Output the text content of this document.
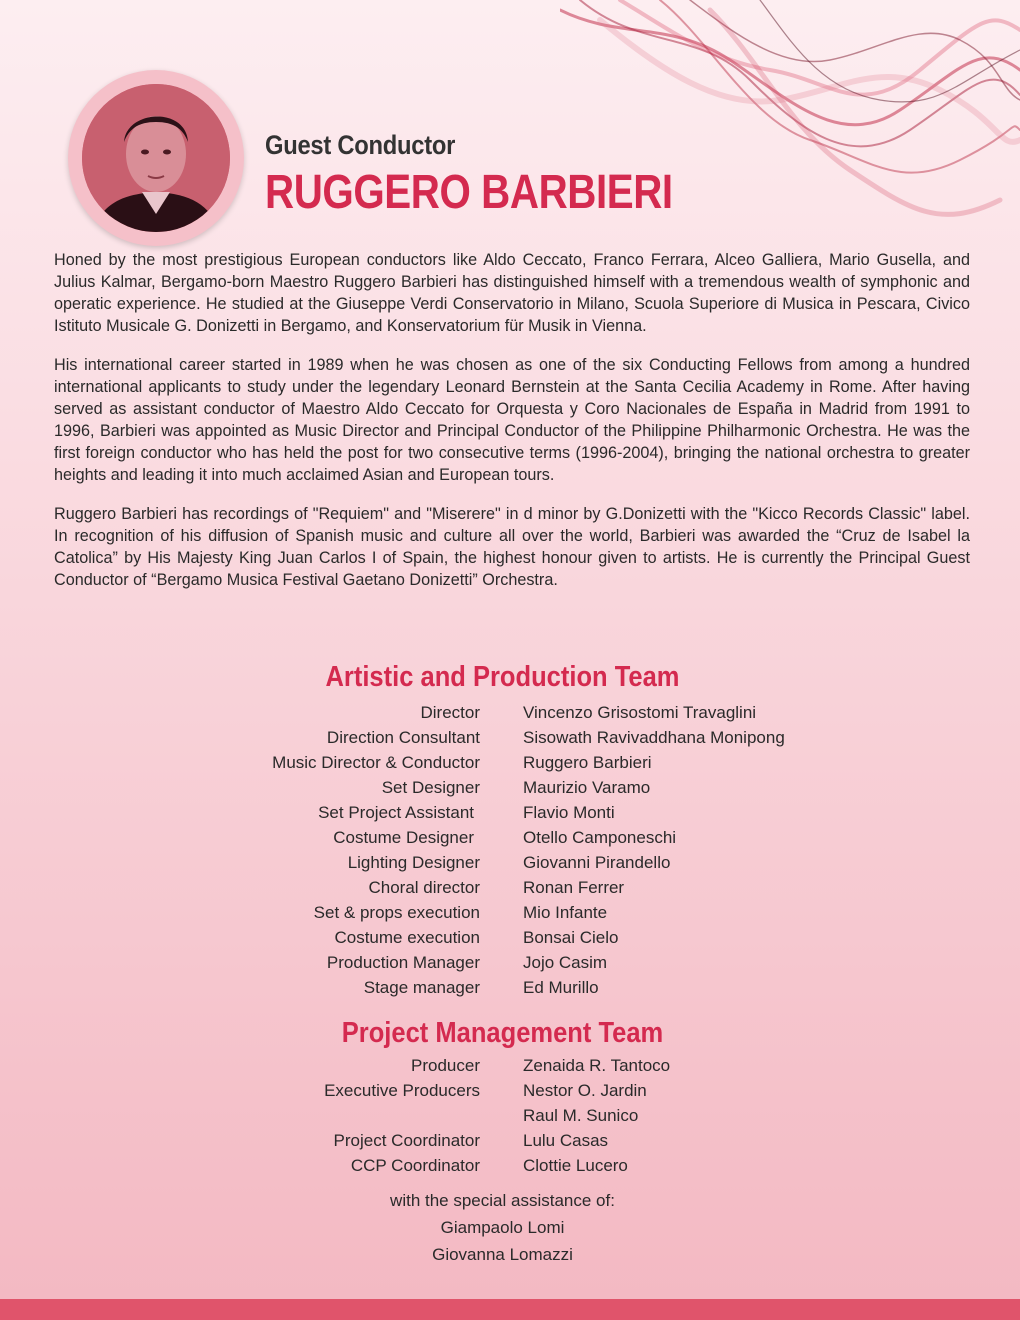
Guest Conductor
RUGGERO BARBIERI

Honed by the most prestigious European conductors like Aldo Ceccato, Franco Ferrara, Alceo Galliera, Mario Gusella, and Julius Kalmar, Bergamo-born Maestro Ruggero Barbieri has distinguished himself with a tremendous wealth of symphonic and operatic experience. He studied at the Giuseppe Verdi Conservatorio in Milano, Scuola Superiore di Musica in Pescara, Civico Istituto Musicale G. Donizetti in Bergamo, and Konservatorium für Musik in Vienna.

His international career started in 1989 when he was chosen as one of the six Conducting Fellows from among a hundred international applicants to study under the legendary Leonard Bernstein at the Santa Cecilia Academy in Rome. After having served as assistant conductor of Maestro Aldo Ceccato for Orquesta y Coro Nacionales de España in Madrid from 1991 to 1996, Barbieri was appointed as Music Director and Principal Conductor of the Philippine Philharmonic Orchestra. He was the first foreign conductor who has held the post for two consecutive terms (1996-2004), bringing the national orchestra to greater heights and leading it into much acclaimed Asian and European tours.

Ruggero Barbieri has recordings of "Requiem" and "Miserere" in d minor by G.Donizetti with the "Kicco Records Classic" label. In recognition of his diffusion of Spanish music and culture all over the world, Barbieri was awarded the “Cruz de Isabel la Catolica” by His Majesty King Juan Carlos I of Spain, the highest honour given to artists. He is currently the Principal Guest Conductor of “Bergamo Musica Festival Gaetano Donizetti” Orchestra.

Artistic and Production Team
Director	Vincenzo Grisostomi Travaglini
Direction Consultant	Sisowath Ravivaddhana Monipong
Music Director & Conductor	Ruggero Barbieri
Set Designer	Maurizio Varamo
Set Project Assistant	Flavio Monti
Costume Designer	Otello Camponeschi
Lighting Designer	Giovanni Pirandello
Choral director	Ronan Ferrer
Set & props execution	Mio Infante
Costume execution	Bonsai Cielo
Production Manager	Jojo Casim
Stage manager	Ed Murillo
Project Management Team
Producer	Zenaida R. Tantoco
Executive Producers	Nestor O. Jardin
Raul M. Sunico
Project Coordinator	Lulu Casas
CCP Coordinator	Clottie Lucero
with the special assistance of:
Giampaolo Lomi
Giovanna Lomazzi
